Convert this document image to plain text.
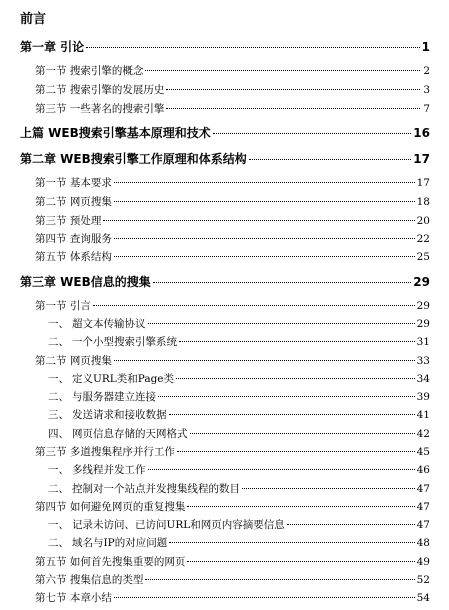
前言
第一章 引论	1
第一节 搜索引擎的概念	2
第二节 搜索引擎的发展历史	3
第三节 一些著名的搜索引擎	7
上篇 WEB搜索引擎基本原理和技术	16
第二章 WEB搜索引擎工作原理和体系结构	17
第一节 基本要求	17
第二节 网页搜集	18
第三节 预处理	20
第四节 查询服务	22
第五节 体系结构	25
第三章 WEB信息的搜集	29
第一节 引言	29
一、 超文本传输协议	29
二、 一个小型搜索引擎系统	31
第二节 网页搜集	33
一、 定义URL类和Page类	34
二、 与服务器建立连接	39
三、 发送请求和接收数据	41
四、 网页信息存储的天网格式	42
第三节 多道搜集程序并行工作	45
一、 多线程并发工作	46
二、 控制对一个站点并发搜集线程的数目	47
第四节 如何避免网页的重复搜集	47
一、 记录未访问、已访问URL和网页内容摘要信息	47
二、 域名与IP的对应问题	48
第五节 如何首先搜集重要的网页	49
第六节 搜集信息的类型	52
第七节 本章小结	54
